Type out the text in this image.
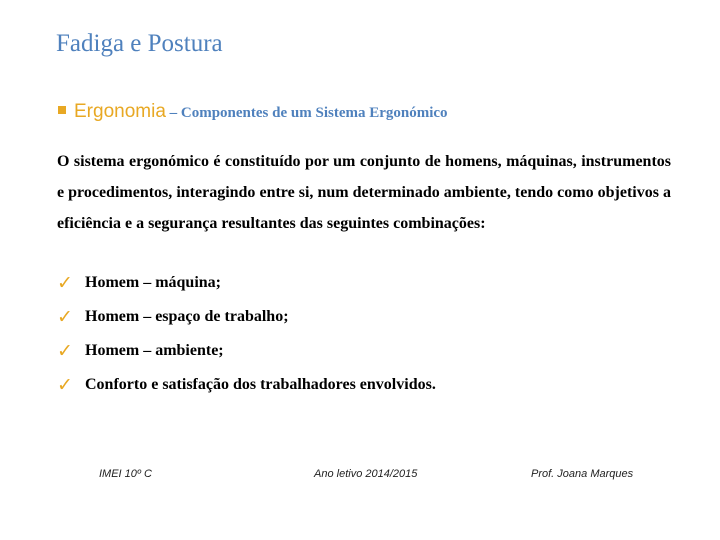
Fadiga e Postura
Ergonomia – Componentes de um Sistema Ergonómico

O sistema ergonómico é constituído por um conjunto de homens, máquinas, instrumentos e procedimentos, interagindo entre si, num determinado ambiente, tendo como objetivos a eficiência e a segurança resultantes das seguintes combinações:

✓ Homem – máquina;
✓ Homem – espaço de trabalho;
✓ Homem – ambiente;
✓ Conforto e satisfação dos trabalhadores envolvidos.
IMEI 10º C	Ano letivo 2014/2015	Prof. Joana Marques
